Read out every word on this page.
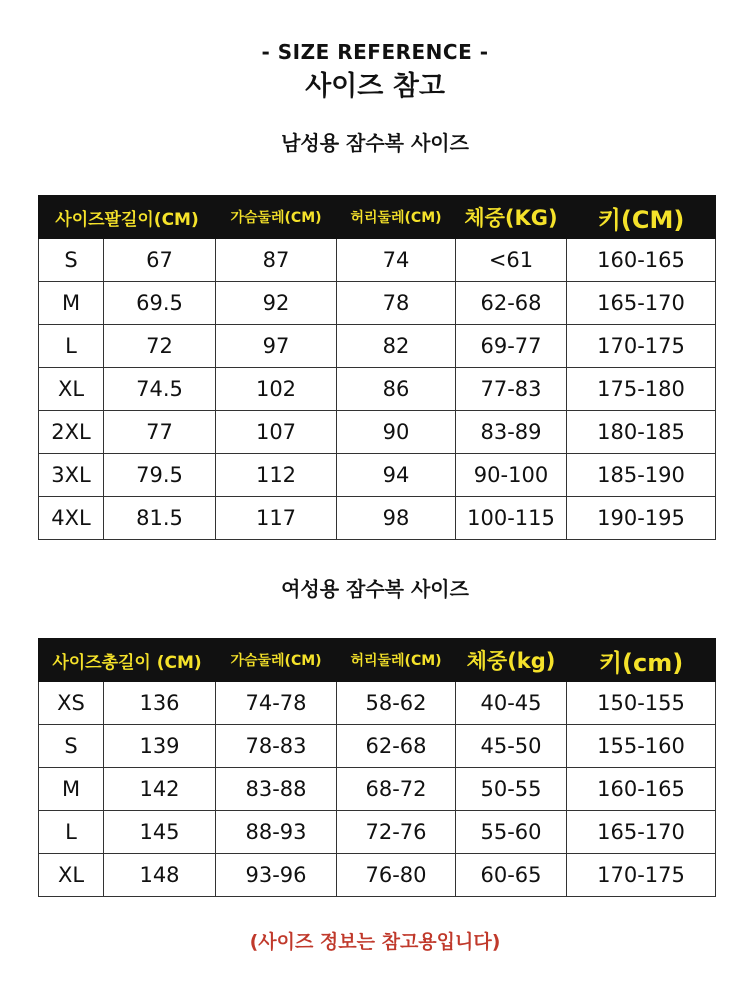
- SIZE REFERENCE -
사이즈 참고
남성용 잠수복 사이즈
사이즈팔길이(CM)		가슴둘레(CM)	허리둘레(CM)	체중(KG)	키(CM)
S	67	87	74	<61	160-165
M	69.5	92	78	62-68	165-170
L	72	97	82	69-77	170-175
XL	74.5	102	86	77-83	175-180
2XL	77	107	90	83-89	180-185
3XL	79.5	112	94	90-100	185-190
4XL	81.5	117	98	100-115	190-195
여성용 잠수복 사이즈
사이즈총길이 (CM)		가슴둘레(CM)	허리둘레(CM)	체중(kg)	키(cm)
XS	136	74-78	58-62	40-45	150-155
S	139	78-83	62-68	45-50	155-160
M	142	83-88	68-72	50-55	160-165
L	145	88-93	72-76	55-60	165-170
XL	148	93-96	76-80	60-65	170-175
(사이즈 정보는 참고용입니다)
